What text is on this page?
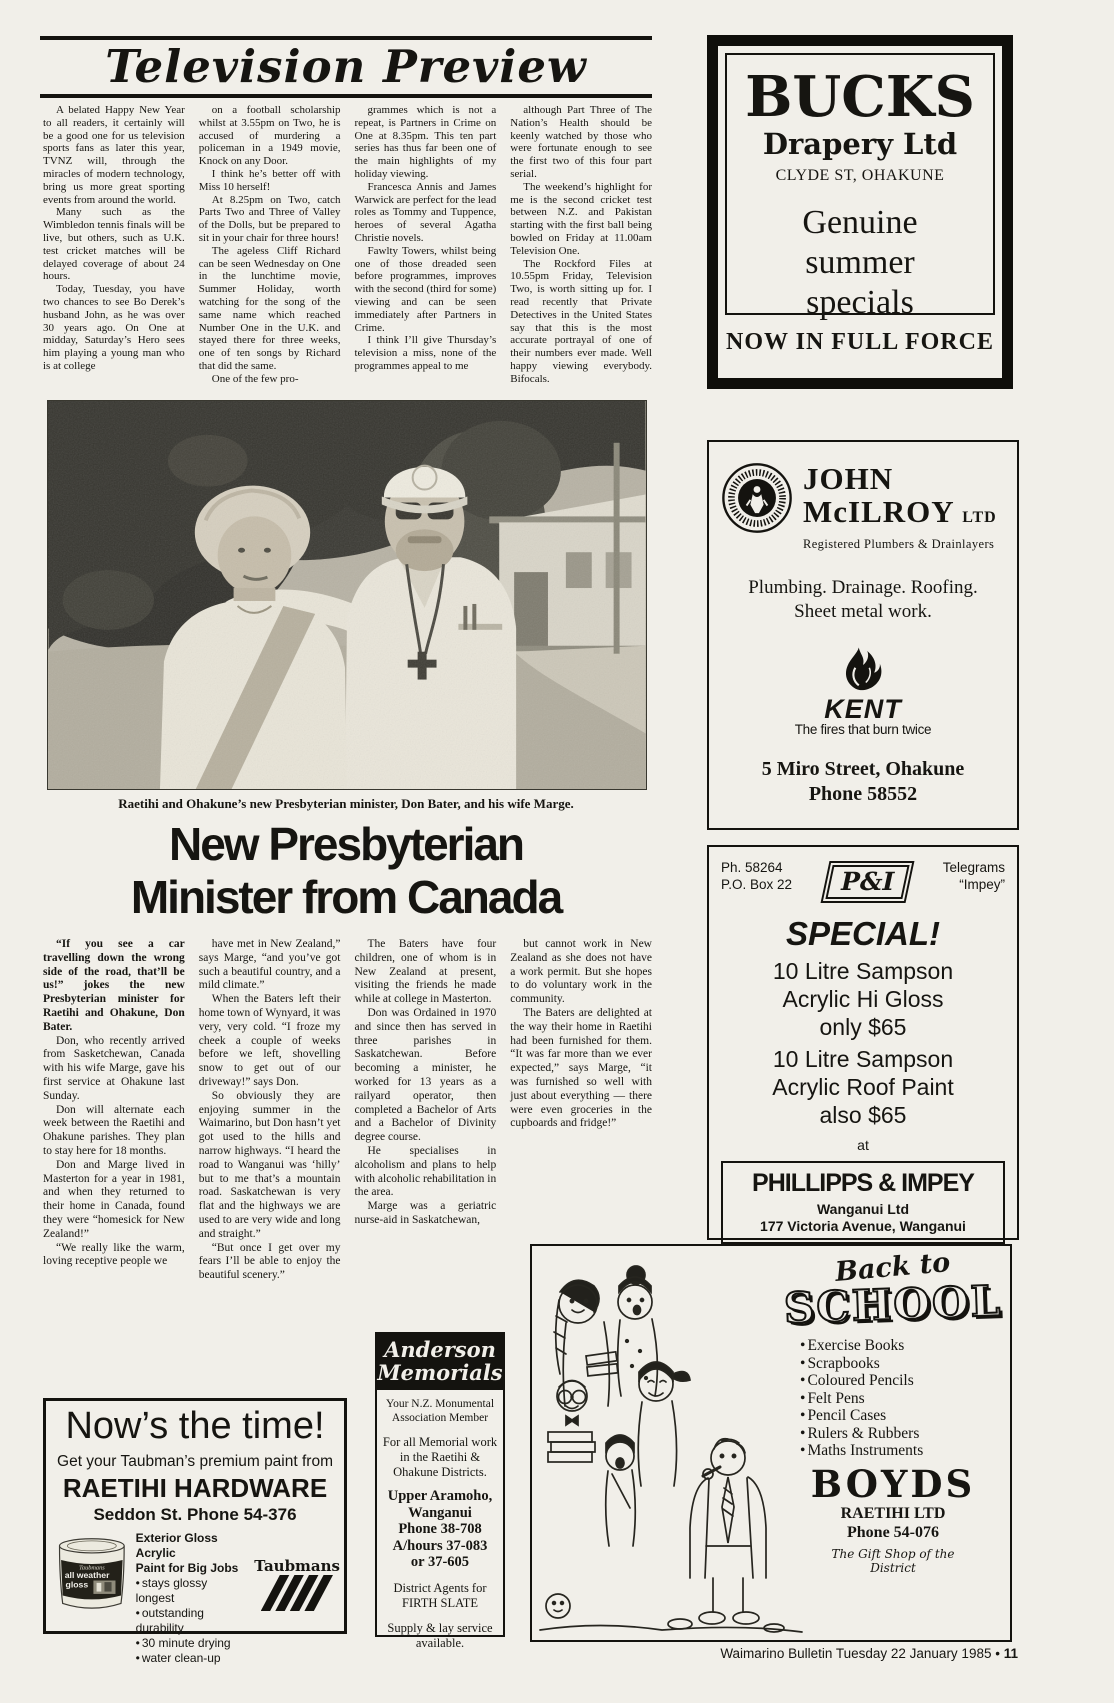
Television Preview

A belated Happy New Year to all readers, it certainly will be a good one for us television sports fans as later this year, TVNZ will, through the miracles of modern technology, bring us more great sporting events from around the world.

Many such as the Wimbledon tennis finals will be live, but others, such as U.K. test cricket matches will be delayed coverage of about 24 hours.

Today, Tuesday, you have two chances to see Bo Derek’s husband John, as he was over 30 years ago. On One at midday, Saturday’s Hero sees him playing a young man who is at college

on a football scholarship whilst at 3.55pm on Two, he is accused of murdering a policeman in a 1949 movie, Knock on any Door.

I think he’s better off with Miss 10 herself!

At 8.25pm on Two, catch Parts Two and Three of Valley of the Dolls, but be prepared to sit in your chair for three hours!

The ageless Cliff Richard can be seen Wednesday on One in the lunchtime movie, Summer Holiday, worth watching for the song of the same name which reached Number One in the U.K. and stayed there for three weeks, one of ten songs by Richard that did the same.

One of the few pro-

grammes which is not a repeat, is Partners in Crime on One at 8.35pm. This ten part series has thus far been one of the main highlights of my holiday viewing.

Francesca Annis and James Warwick are perfect for the lead roles as Tommy and Tuppence, heroes of several Agatha Christie novels.

Fawlty Towers, whilst being one of those dreaded seen before programmes, improves with the second (third for some) viewing and can be seen immediately after Partners in Crime.

I think I’ll give Thursday’s television a miss, none of the programmes appeal to me

although Part Three of The Nation’s Health should be keenly watched by those who were fortunate enough to see the first two of this four part serial.

The weekend’s highlight for me is the second cricket test between N.Z. and Pakistan starting with the first ball being bowled on Friday at 11.00am Television One.

The Rockford Files at 10.55pm Friday, Television Two, is worth sitting up for. I read recently that Private Detectives in the United States say that this is the most accurate portrayal of one of their numbers ever made. Well happy viewing everybody. Bifocals.

Raetihi and Ohakune’s new Presbyterian minister, Don Bater, and his wife Marge.
New Presbyterian
Minister from Canada

“If you see a car travelling down the wrong side of the road, that’ll be us!” jokes the new Presbyterian minister for Raetihi and Ohakune, Don Bater.

Don, who recently arrived from Sasketchewan, Canada with his wife Marge, gave his first service at Ohakune last Sunday.

Don will alternate each week between the Raetihi and Ohakune parishes. They plan to stay here for 18 months.

Don and Marge lived in Masterton for a year in 1981, and when they returned to their home in Canada, found they were “homesick for New Zealand!”

“We really like the warm, loving receptive people we

have met in New Zealand,” says Marge, “and you’ve got such a beautiful country, and a mild climate.”

When the Baters left their home town of Wynyard, it was very, very cold. “I froze my cheek a couple of weeks before we left, shovelling snow to get out of our driveway!” says Don.

So obviously they are enjoying summer in the Waimarino, but Don hasn’t yet got used to the hills and narrow highways. “I heard the road to Wanganui was ‘hilly’ but to me that’s a mountain road. Saskatchewan is very flat and the highways we are used to are very wide and long and straight.”

“But once I get over my fears I’ll be able to enjoy the beautiful scenery.”

The Baters have four children, one of whom is in New Zealand at present, visiting the friends he made while at college in Masterton.

Don was Ordained in 1970 and since then has served in three parishes in Saskatchewan. Before becoming a minister, he worked for 13 years as a railyard operator, then completed a Bachelor of Arts and a Bachelor of Divinity degree course.

He specialises in alcoholism and plans to help with alcoholic rehabilitation in the area.

Marge was a geriatric nurse-aid in Saskatchewan,

but cannot work in New Zealand as she does not have a work permit. But she hopes to do voluntary work in the community.

The Baters are delighted at the way their home in Raetihi had been furnished for them. “It was far more than we ever expected,” says Marge, “it was furnished so well with just about everything — there were even groceries in the cupboards and fridge!”

BUCKS
Drapery Ltd
CLYDE ST, OHAKUNE
Genuine
summer
specials
NOW IN FULL FORCE
JOHN
McILROY LTD
Registered Plumbers & Drainlayers
Plumbing. Drainage. Roofing.
Sheet metal work.
KENT
The fires that burn twice
5 Miro Street, Ohakune
Phone 58552
Ph. 58264
P.O. Box 22	P&I	Telegrams
“Impey”
SPECIAL!
10 Litre Sampson
Acrylic Hi Gloss
only $65
10 Litre Sampson
Acrylic Roof Paint
also $65
at
PHILLIPPS & IMPEY
Wanganui Ltd
177 Victoria Avenue, Wanganui
Now’s the time!
Get your Taubman’s premium paint from
RAETIHI HARDWARE
Seddon St. Phone 54-376
Taubmans
all weather
gloss
Exterior Gloss Acrylic
Paint for Big Jobs
• stays glossy longest
• outstanding durability
• 30 minute drying
• water clean-up
Taubmans
Anderson
Memorials
Your N.Z. Monumental
Association Member
For all Memorial work
in the Raetihi &
Ohakune Districts.
Upper Aramoho,
Wanganui
Phone 38-708
A/hours 37-083
or 37-605
District Agents for
FIRTH SLATE
Supply & lay service
available.
Back to
SCHOOL
• Exercise Books
• Scrapbooks
• Coloured Pencils
• Felt Pens
• Pencil Cases
• Rulers & Rubbers
• Maths Instruments
BOYDS
RAETIHI LTD
Phone 54-076
The Gift Shop of the
District
Waimarino Bulletin Tuesday 22 January 1985 • 11
